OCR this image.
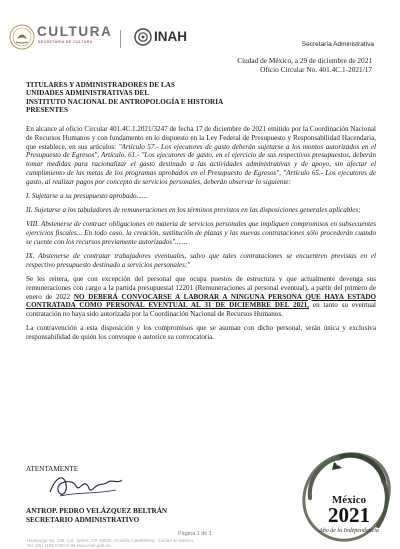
CULTURA
SECRETARÍA DE CULTURA	INAH
Secretaría Administrativa
Ciudad de México, a 29 de diciembre de 2021
Oficio Circular No. 401.4C.1-2021/17
TITULARES Y ADMINISTRADORES DE LAS
UNIDADES ADMINISTRATIVAS DEL
INSTITUTO NACIONAL DE ANTROPOLOGÍA E HISTORIA
PRESENTES

En alcance al oficio Circular 401.4C.1.2021/3247 de fecha 17 de diciembre de 2021 emitido por la Coordinación Nacional de Recursos Humanos y con fundamento en lo dispuesto en la Ley Federal de Presupuesto y Responsabilidad Hacendaria, que establece, en sus artículos: "Artículo 57.- Los ejecutores de gasto deberán sujetarse a los montos autorizados en el Presupuesto de Egresos", Artículo, 61.- "Los ejecutores de gasto, en el ejercicio de sus respectivos presupuestos, deberán tomar medidas para racionalizar el gasto destinado a las actividades administrativas y de apoyo, sin afectar el cumplimiento de las metas de los programas aprobados en el Presupuesto de Egresos", "Artículo 65.- Los ejecutores de gasto, al realizar pagos por concepto de servicios personales, deberán observar lo siguiente:

I. Sujetarse a su presupuesto aprobado......

II. Sujetarse a los tabuladores de remuneraciones en los términos previstos en las disposiciones generales aplicables;

VIII. Abstenerse de contraer obligaciones en materia de servicios personales que impliquen compromisos en subsecuentes ejercicios fiscales... En todo caso, la creación, sustitución de plazas y las nuevas contrataciones sólo procederán cuando se cuente con los recursos previamente autorizados".......

IX. Abstenerse de contratar trabajadores eventuales, salvo que tales contrataciones se encuentren previstas en el respectivo presupuesto destinado a servicios personales;"

Se les reitera, que con excepción del personal que ocupa puestos de estructura y que actualmente devenga sus remuneraciones con cargo a la partida presupuestal 12201 (Remuneraciones al personal eventual), a partir del primero de enero de 2022 NO DEBERÁ CONVOCARSE A LABORAR A NINGUNA PERSONA QUE HAYA ESTADO CONTRATADA COMO PERSONAL EVENTUAL AL 31 DE DICIEMBRE DEL 2021, en tanto su eventual contratación no haya sido autorizada por la Coordinación Nacional de Recursos Humanos.

La contravención a esta disposición y los compromisos que se asuman con dicho personal, serán única y exclusiva responsabilidad de quién los convoque o autorice su convocatoria.

ATENTAMENTE
ANTROP. PEDRO VELÁZQUEZ BELTRÁN
SECRETARIO ADMINISTRATIVO
México
2021
Año de la Independencia
Página 1 de 1
Hamburgo No. 135, Col. Juárez, CP. 06600, Alcaldía Cuauhtémoc, Ciudad de México.
Tel. (55) 4166 0780 al 84 www.inah.gob.mx
